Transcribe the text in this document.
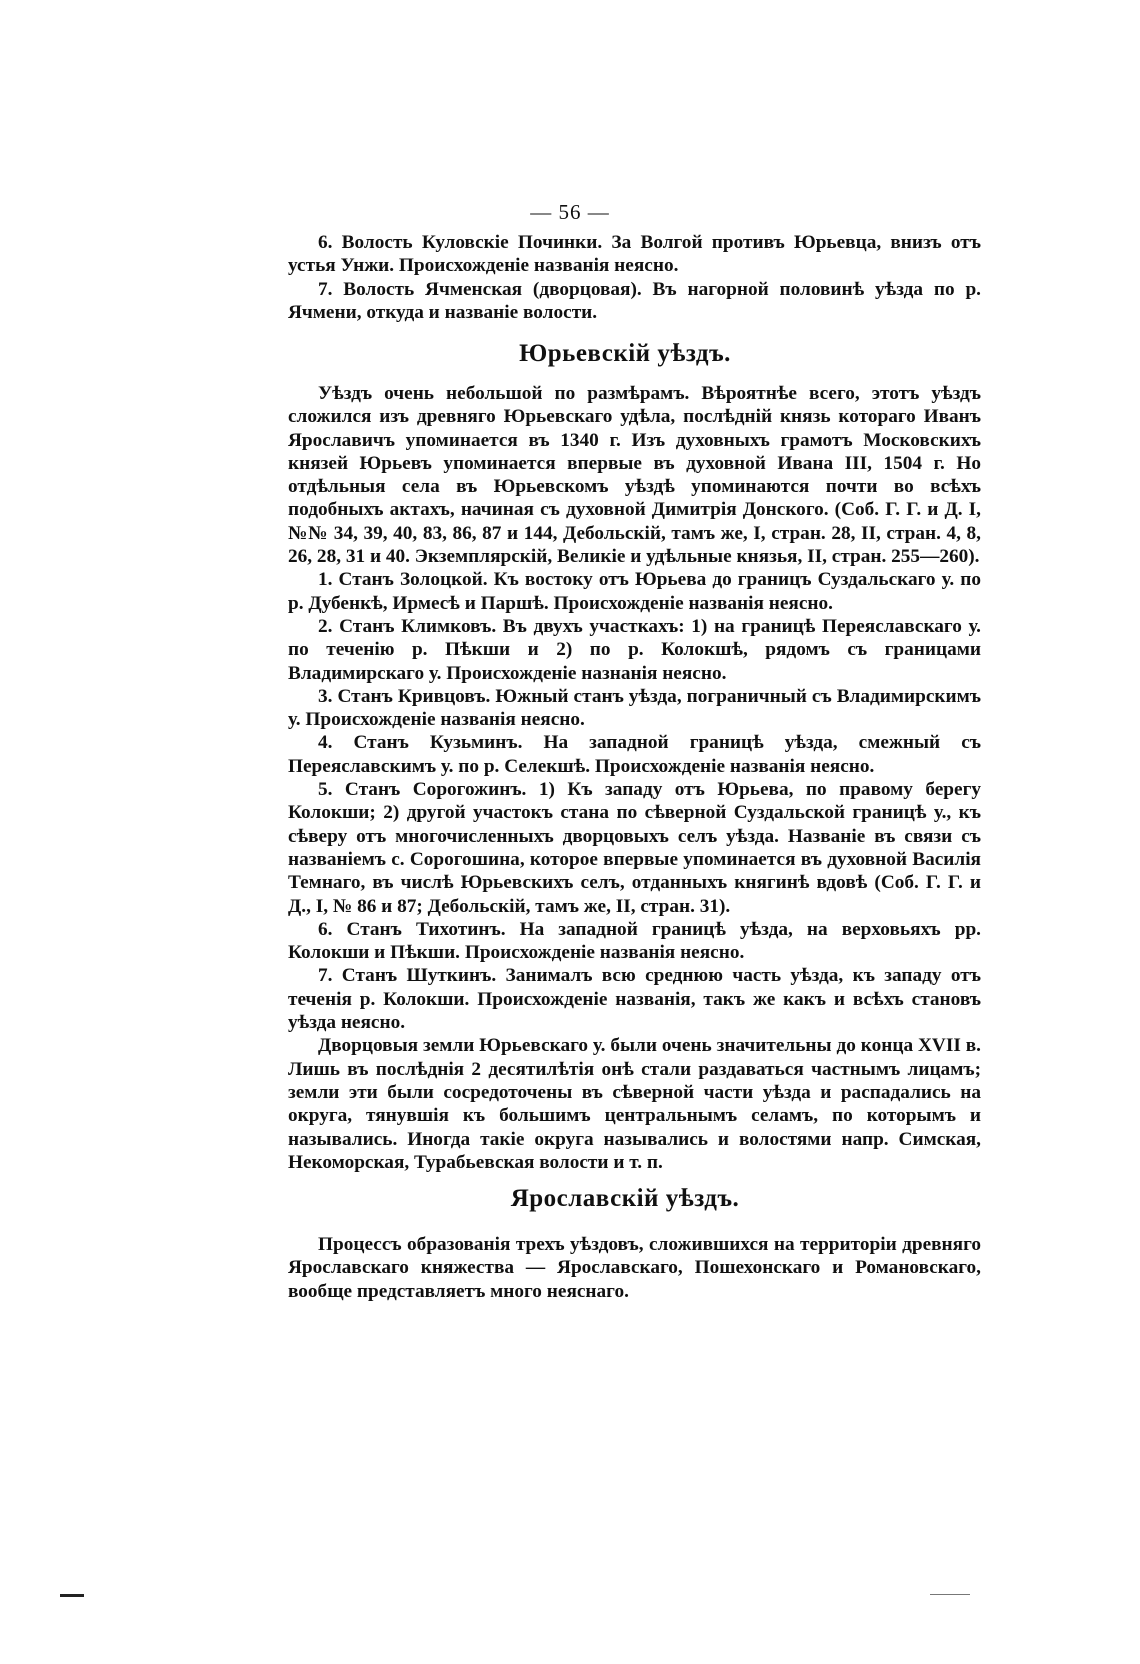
— 56 —

6. Волость Куловскіе Починки. За Волгой противъ Юрьевца, внизъ отъ устья Унжи. Происхожденіе названія неясно.

7. Волость Ячменская (дворцовая). Въ нагорной половинѣ уѣзда по р. Ячмени, откуда и названіе волости.

Юрьевскій уѣздъ.

Уѣздъ очень небольшой по размѣрамъ. Вѣроятнѣе всего, этотъ уѣздъ сложился изъ древняго Юрьевскаго удѣла, послѣдній князь котораго Иванъ Ярославичъ упоминается въ 1340 г. Изъ духовныхъ грамотъ Московскихъ князей Юрьевъ упоминается впервые въ духовной Ивана III, 1504 г. Но отдѣльныя села въ Юрьевскомъ уѣздѣ упоминаются почти во всѣхъ подобныхъ актахъ, начиная съ духовной Димитрія Донского. (Соб. Г. Г. и Д. I, №№ 34, 39, 40, 83, 86, 87 и 144, Дебольскій, тамъ же, I, стран. 28, II, стран. 4, 8, 26, 28, 31 и 40. Экземплярскій, Великіе и удѣльные князья, II, стран. 255—260).

1. Станъ Золоцкой. Къ востоку отъ Юрьева до границъ Суздальскаго у. по р. Дубенкѣ, Ирмесѣ и Паршѣ. Происхожденіе названія неясно.

2. Станъ Климковъ. Въ двухъ участкахъ: 1) на границѣ Переяславскаго у. по теченію р. Пѣкши и 2) по р. Колокшѣ, рядомъ съ границами Владимирскаго у. Происхожденіе назнанія неясно.

3. Станъ Кривцовъ. Южный станъ уѣзда, пограничный съ Владимирскимъ у. Происхожденіе названія неясно.

4. Станъ Кузьминъ. На западной границѣ уѣзда, смежный съ Переяславскимъ у. по р. Селекшѣ. Происхожденіе названія неясно.

5. Станъ Сорогожинъ. 1) Къ западу отъ Юрьева, по правому берегу Колокши; 2) другой участокъ стана по сѣверной Суздальской границѣ у., къ сѣверу отъ многочисленныхъ дворцовыхъ селъ уѣзда. Названіе въ связи съ названіемъ с. Сорогошина, которое впервые упоминается въ духовной Василія Темнаго, въ числѣ Юрьевскихъ селъ, отданныхъ княгинѣ вдовѣ (Соб. Г. Г. и Д., I, № 86 и 87; Дебольскій, тамъ же, II, стран. 31).

6. Станъ Тихотинъ. На западной границѣ уѣзда, на верховьяхъ рр. Колокши и Пѣкши. Происхожденіе названія неясно.

7. Станъ Шуткинъ. Занималъ всю среднюю часть уѣзда, къ западу отъ теченія р. Колокши. Происхожденіе названія, такъ же какъ и всѣхъ становъ уѣзда неясно.

Дворцовыя земли Юрьевскаго у. были очень значительны до конца XVII в. Лишь въ послѣднія 2 десятилѣтія онѣ стали раздаваться частнымъ лицамъ; земли эти были сосредоточены въ сѣверной части уѣзда и распадались на округа, тянувшія къ большимъ центральнымъ селамъ, по которымъ и назывались. Иногда такіе округа назывались и волостями напр. Симская, Некоморская, Турабьевская волости и т. п.

Ярославскій уѣздъ.

Процессъ образованія трехъ уѣздовъ, сложившихся на территоріи древняго Ярославскаго княжества — Ярославскаго, Пошехонскаго и Романовскаго, вообще представляетъ много неяснаго.
